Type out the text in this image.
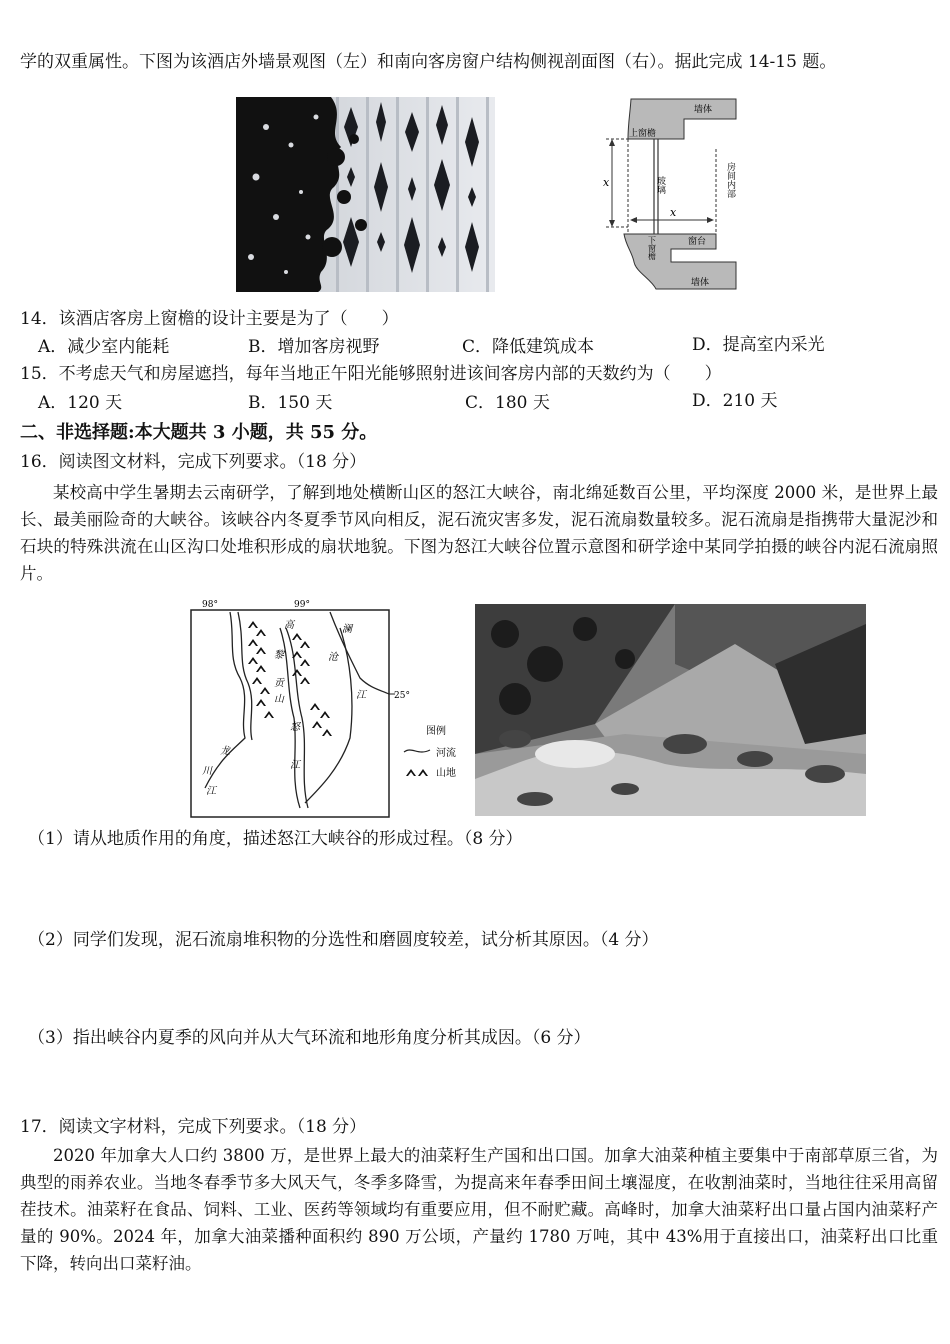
学的双重属性。下图为该酒店外墙景观图（左）和南向客房窗户结构侧视剖面图（右）。据此完成 14-15 题。
墙体
上窗檐
x
x
玻璃	房间内部
下窗檐	窗台
墙体
14．该酒店客房上窗檐的设计主要是为了（　　）
A．减少室内能耗	B．增加客房视野	C．降低建筑成本	D．提高室内采光
15．不考虑天气和房屋遮挡，每年当地正午阳光能够照射进该间客房内部的天数约为（　　）
A．120 天	B．150 天	C．180 天	D．210 天
二、非选择题:本大题共 3 小题，共 55 分。
16．阅读图文材料，完成下列要求。（18 分）

某校高中学生暑期去云南研学，了解到地处横断山区的怒江大峡谷，南北绵延数百公里，平均深度 2000 米，是世界上最长、最美丽险奇的大峡谷。该峡谷内冬夏季节风向相反，泥石流灾害多发，泥石流扇数量较多。泥石流扇是指携带大量泥沙和石块的特殊洪流在山区沟口处堆积形成的扇状地貌。下图为怒江大峡谷位置示意图和研学途中某同学拍摄的峡谷内泥石流扇照片。

98°	99°
25°
高
黎
贡
山
怒
江
澜
沧
江
龙
川
江
图例
河流
山地
（1）请从地质作用的角度，描述怒江大峡谷的形成过程。（8 分）
（2）同学们发现，泥石流扇堆积物的分选性和磨圆度较差，试分析其原因。（4 分）
（3）指出峡谷内夏季的风向并从大气环流和地形角度分析其成因。（6 分）
17．阅读文字材料，完成下列要求。（18 分）

2020 年加拿大人口约 3800 万，是世界上最大的油菜籽生产国和出口国。加拿大油菜种植主要集中于南部草原三省，为典型的雨养农业。当地冬春季节多大风天气，冬季多降雪，为提高来年春季田间土壤湿度，在收割油菜时，当地往往采用高留茬技术。油菜籽在食品、饲料、工业、医药等领域均有重要应用，但不耐贮藏。高峰时，加拿大油菜籽出口量占国内油菜籽产量的 90%。2024 年，加拿大油菜播种面积约 890 万公顷，产量约 1780 万吨，其中 43%用于直接出口，油菜籽出口比重下降，转向出口菜籽油。
